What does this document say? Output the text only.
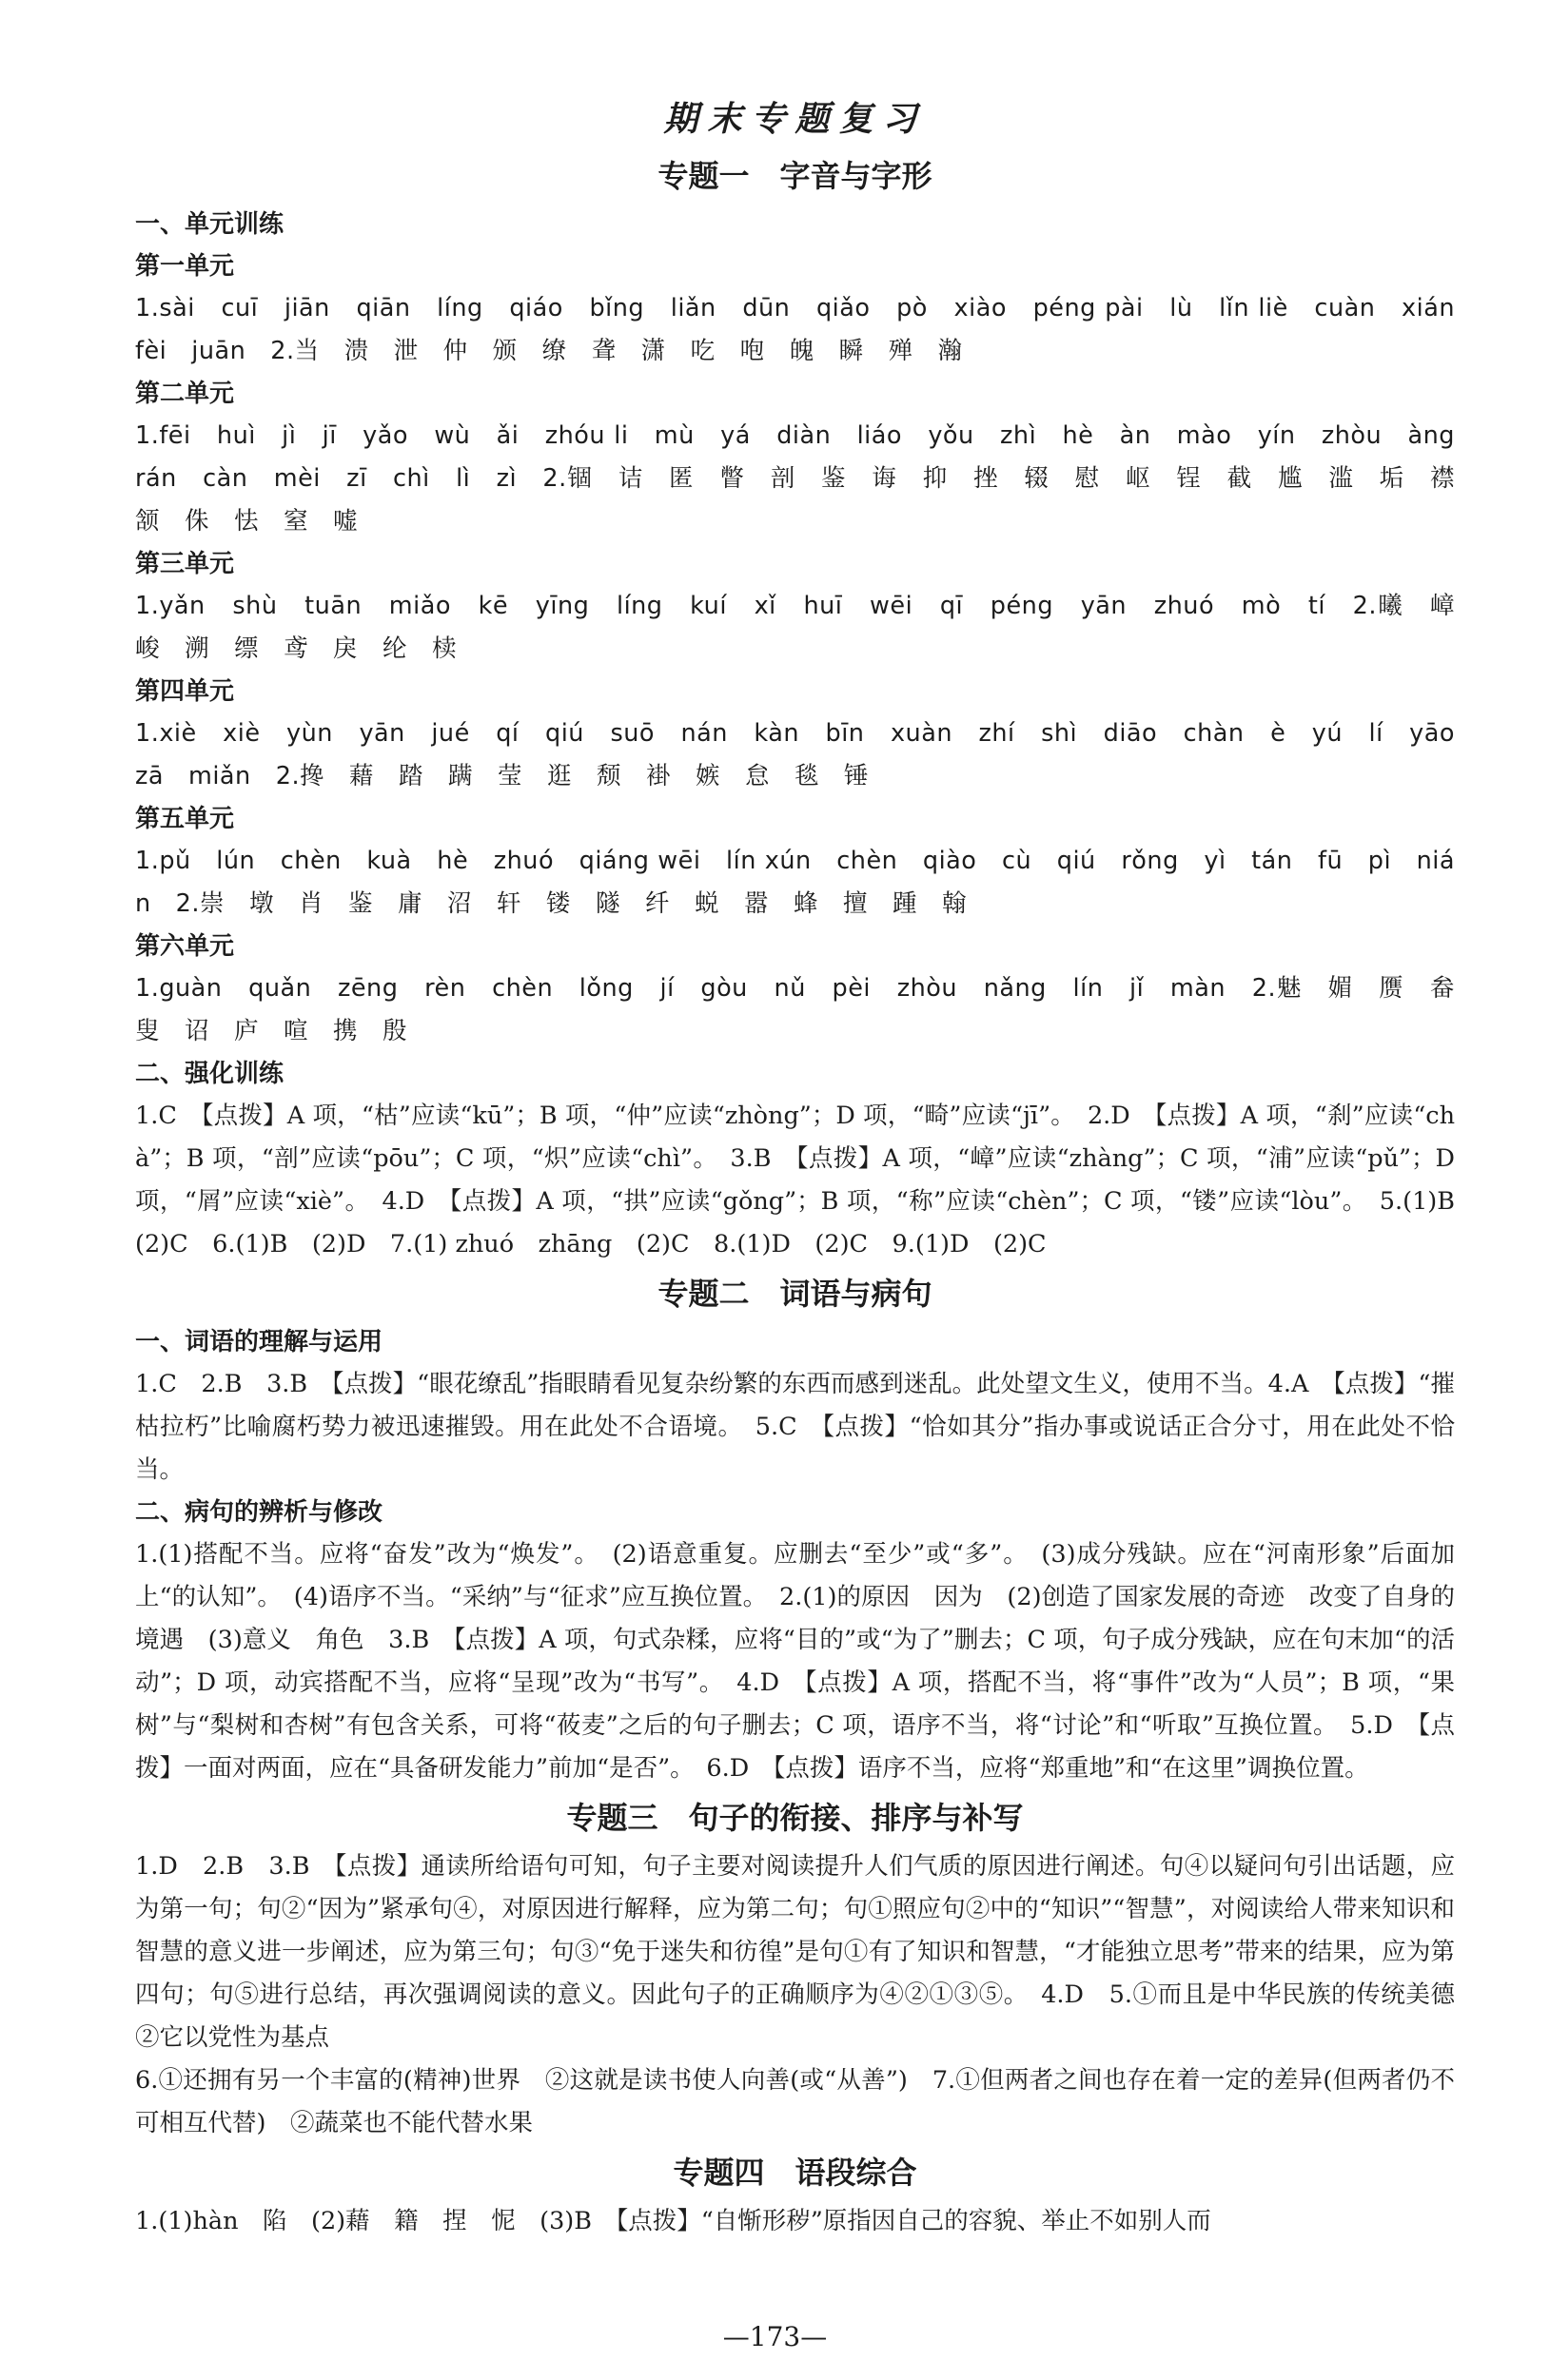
期末专题复习
专题一　字音与字形

一、单元训练

第一单元

1.sài　cuī　jiān　qiān　líng　qiáo　bǐng　liǎn　dūn　qiǎo　pò　xiào　péng pài　lù　lǐn liè　cuàn　xián　fèi　juān　2.当　溃　泄　仲　颁　缭　聋　潇　吃　咆　魄　瞬　殚　瀚

第二单元

1.fēi　huì　jì　jī　yǎo　wù　ǎi　zhóu li　mù　yá　diàn　liáo　yǒu　zhì　hè　àn　mào　yín　zhòu　àng　rán　càn　mèi　zī　chì　lì　zì　2.锢　诘　匿　瞥　剖　鉴　诲　抑　挫　辍　慰　岖　锃　截　尴　滥　垢　襟　颔　侏　怯　窒　嘘

第三单元

1.yǎn　shù　tuān　miǎo　kē　yīng　líng　kuí　xǐ　huī　wēi　qī　péng　yān　zhuó　mò　tí　2.曦　嶂　峻　溯　缥　鸢　戾　纶　椟

第四单元

1.xiè　xiè　yùn　yān　jué　qí　qiú　suō　nán　kàn　bīn　xuàn　zhí　shì　diāo　chàn　è　yú　lí　yāo　zā　miǎn　2.搀　藉　踏　蹒　莹　逛　颓　褂　嫉　怠　毯　锤

第五单元

1.pǔ　lún　chèn　kuà　hè　zhuó　qiáng wēi　lín xún　chèn　qiào　cù　qiú　rǒng　yì　tán　fū　pì　nián　2.崇　墩　肖　鉴　庸　沼　轩　镂　隧　纤　蜕　嚣　蜂　擅　踵　翰

第六单元

1.guàn　quǎn　zēng　rèn　chèn　lǒng　jí　gòu　nǔ　pèi　zhòu　nǎng　lín　jǐ　màn　2.魅　媚　赝　畚　叟　诏　庐　喧　携　殷

二、强化训练

1.C　【点拨】A 项，“枯”应读“kū”；B 项，“仲”应读“zhòng”；D 项，“畸”应读“jī”。　2.D　【点拨】A 项，“刹”应读“chà”；B 项，“剖”应读“pōu”；C 项，“炽”应读“chì”。　3.B　【点拨】A 项，“嶂”应读“zhàng”；C 项，“浦”应读“pǔ”；D 项，“屑”应读“xiè”。　4.D　【点拨】A 项，“拱”应读“gǒng”；B 项，“称”应读“chèn”；C 项，“镂”应读“lòu”。　5.(1)B　(2)C　6.(1)B　(2)D　7.(1) zhuó　zhāng　(2)C　8.(1)D　(2)C　9.(1)D　(2)C

专题二　词语与病句

一、词语的理解与运用

1.C　2.B　3.B　【点拨】“眼花缭乱”指眼睛看见复杂纷繁的东西而感到迷乱。此处望文生义，使用不当。4.A　【点拨】“摧枯拉朽”比喻腐朽势力被迅速摧毁。用在此处不合语境。　5.C　【点拨】“恰如其分”指办事或说话正合分寸，用在此处不恰当。

二、病句的辨析与修改

1.(1)搭配不当。应将“奋发”改为“焕发”。　(2)语意重复。应删去“至少”或“多”。　(3)成分残缺。应在“河南形象”后面加上“的认知”。　(4)语序不当。“采纳”与“征求”应互换位置。　2.(1)的原因　因为　(2)创造了国家发展的奇迹　改变了自身的境遇　(3)意义　角色　3.B　【点拨】A 项，句式杂糅，应将“目的”或“为了”删去；C 项，句子成分残缺，应在句末加“的活动”；D 项，动宾搭配不当，应将“呈现”改为“书写”。　4.D　【点拨】A 项，搭配不当，将“事件”改为“人员”；B 项，“果树”与“梨树和杏树”有包含关系，可将“莜麦”之后的句子删去；C 项，语序不当，将“讨论”和“听取”互换位置。　5.D　【点拨】一面对两面，应在“具备研发能力”前加“是否”。　6.D　【点拨】语序不当，应将“郑重地”和“在这里”调换位置。

专题三　句子的衔接、排序与补写

1.D　2.B　3.B　【点拨】通读所给语句可知，句子主要对阅读提升人们气质的原因进行阐述。句④以疑问句引出话题，应为第一句；句②“因为”紧承句④，对原因进行解释，应为第二句；句①照应句②中的“知识”“智慧”，对阅读给人带来知识和智慧的意义进一步阐述，应为第三句；句③“免于迷失和彷徨”是句①有了知识和智慧，“才能独立思考”带来的结果，应为第四句；句⑤进行总结，再次强调阅读的意义。因此句子的正确顺序为④②①③⑤。　4.D　5.①而且是中华民族的传统美德　②它以党性为基点

6.①还拥有另一个丰富的(精神)世界　②这就是读书使人向善(或“从善”)　7.①但两者之间也存在着一定的差异(但两者仍不可相互代替)　②蔬菜也不能代替水果

专题四　语段综合

1.(1)hàn　陷　(2)藉　籍　捏　怩　(3)B　【点拨】“自惭形秽”原指因自己的容貌、举止不如别人而

—173—
